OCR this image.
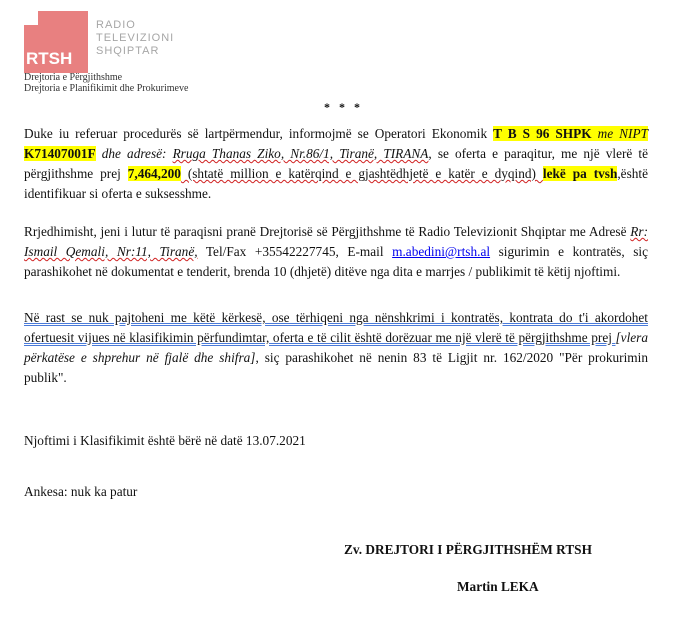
RTSH
RADIO
TELEVIZIONI
SHQIPTAR
Drejtoria e Përgjithshme
Drejtoria e Planifikimit dhe Prokurimeve
* * *
Duke iu referuar procedurës së lartpërmendur, informojmë se Operatori Ekonomik T B S 96 SHPK me NIPT K71407001F dhe adresë: Rruga Thanas Ziko, Nr.86/1, Tiranë, TIRANA, se oferta e paraqitur, me një vlerë të përgjithshme prej 7,464,200 (shtatë million e katërqind e gjashtëdhjetë e katër e dyqind) lekë pa tvsh,është identifikuar si oferta e suksesshme.
Rrjedhimisht, jeni i lutur të paraqisni pranë Drejtorisë së Përgjithshme të Radio Televizionit Shqiptar me Adresë Rr: Ismail Qemali, Nr:11, Tiranë, Tel/Fax +35542227745, E-mail m.abedini@rtsh.al sigurimin e kontratës, siç parashikohet në dokumentat e tenderit, brenda 10 (dhjetë) ditëve nga dita e marrjes / publikimit të këtij njoftimi.
Në rast se nuk pajtoheni me këtë kërkesë, ose tërhiqeni nga nënshkrimi i kontratës, kontrata do t'i akordohet ofertuesit vijues në klasifikimin përfundimtar, oferta e të cilit është dorëzuar me një vlerë të përgjithshme prej [vlera përkatëse e shprehur në fjalë dhe shifra], siç parashikohet në nenin 83 të Ligjit nr. 162/2020 "Për prokurimin publik".
Njoftimi i Klasifikimit është bërë në datë 13.07.2021
Ankesa: nuk ka patur
Zv. DREJTORI I PËRGJITHSHËM RTSH
Martin LEKA
